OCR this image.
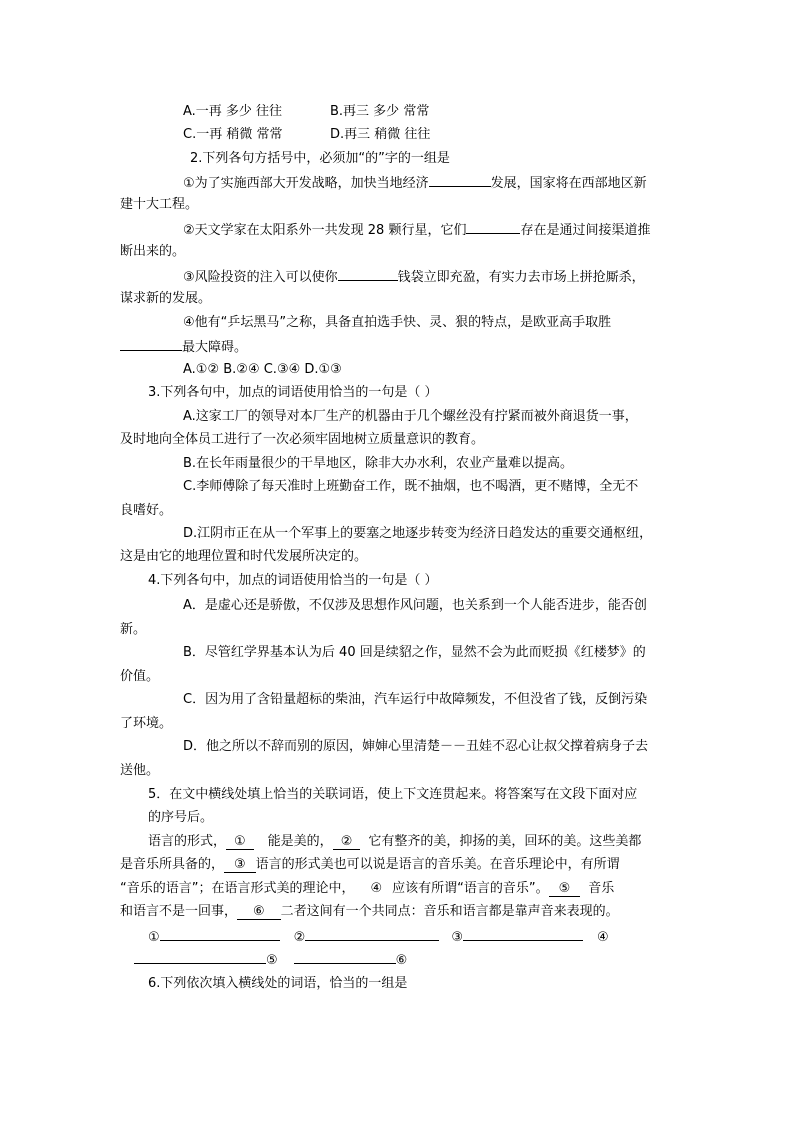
A.一再 多少 往往	B.再三 多少 常常
C.一再 稍微 常常	D.再三 稍微 往往
2.下列各句方括号中，必须加“的”字的一组是
①为了实施西部大开发战略，加快当地经济	发展，国家将在西部地区新
建十大工程。
②天文学家在太阳系外一共发现 28 颗行星，它们	存在是通过间接渠道推
断出来的。
③风险投资的注入可以使你	钱袋立即充盈，有实力去市场上拼抢厮杀，
谋求新的发展。
④他有“乒坛黑马”之称，具备直拍选手快、灵、狠的特点，是欧亚高手取胜
最大障碍。
A.①② B.②④ C.③④ D.①③
3.下列各句中，加点的词语使用恰当的一句是（ ）
A.这家工厂的领导对本厂生产的机器由于几个螺丝没有拧紧而被外商退货一事，
及时地向全体员工进行了一次必须牢固地树立质量意识的教育。
B.在长年雨量很少的干旱地区，除非大办水利，农业产量难以提高。
C.李师傅除了每天准时上班勤奋工作，既不抽烟，也不喝酒，更不赌博，全无不
良嗜好。
D.江阴市正在从一个军事上的要塞之地逐步转变为经济日趋发达的重要交通枢纽，
这是由它的地理位置和时代发展所决定的。
4.下列各句中，加点的词语使用恰当的一句是（ ）
A．是虚心还是骄傲，不仅涉及思想作风问题，也关系到一个人能否进步，能否创
新。
B．尽管红学界基本认为后 40 回是续貂之作，显然不会为此而贬损《红楼梦》的
价值。
C．因为用了含铅量超标的柴油，汽车运行中故障频发，不但没省了钱，反倒污染
了环境。
D．他之所以不辞而别的原因，婶婶心里清楚－－丑娃不忍心让叔父撑着病身子去
送他。
5．在文中横线处填上恰当的关联词语，使上下文连贯起来。将答案写在文段下面对应
的序号后。
语言的形式， ① 能是美的， ② 它有整齐的美，抑扬的美，回环的美。这些美都
是音乐所具备的， ③ 语言的形式美也可以说是语言的音乐美。在音乐理论中，有所谓
“音乐的语言”；在语言形式美的理论中， ④ 应该有所谓“语言的音乐”。 ⑤ 音乐
和语言不是一回事， ⑥ 二者这间有一个共同点：音乐和语言都是靠声音来表现的。
①	②	③	④
⑤	⑥
6.下列依次填入横线处的词语，恰当的一组是
